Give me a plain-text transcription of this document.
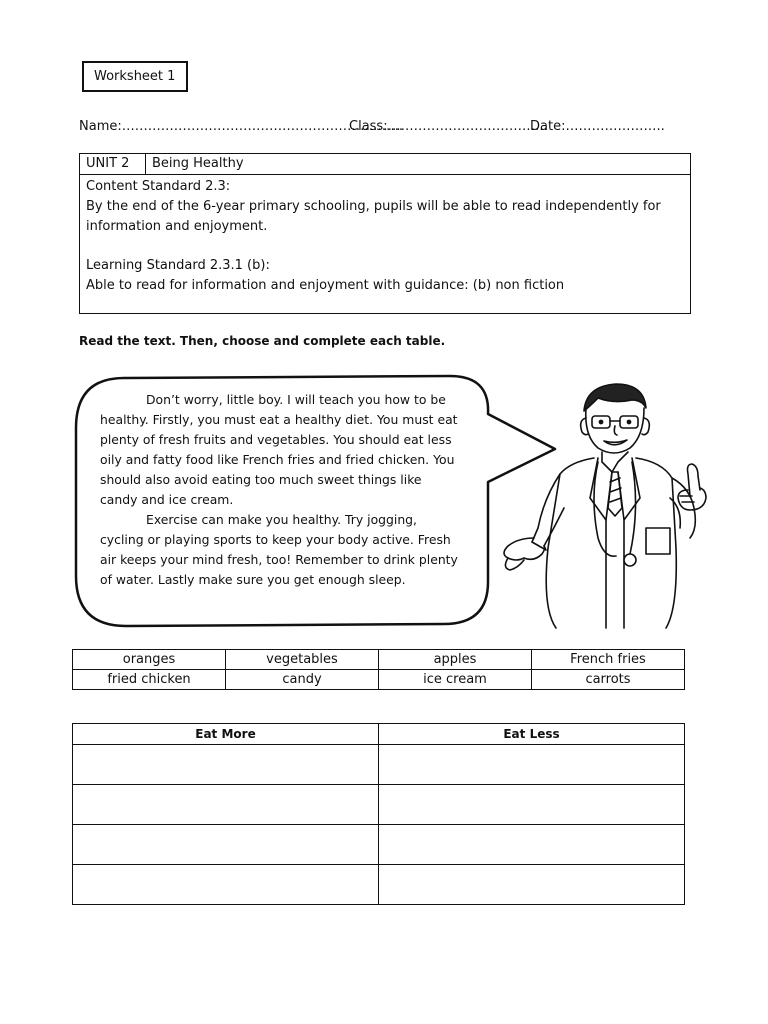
Worksheet 1
Name:………………………………………………………..
Class:……………………………….
Date:…………………..
UNIT 2	Being Healthy

Content Standard 2.3:

By the end of the 6-year primary schooling, pupils will be able to read independently for information and enjoyment.

Learning Standard 2.3.1 (b):

Able to read for information and enjoyment with guidance: (b) non fiction

Read the text. Then, choose and complete each table.

Don’t worry, little boy. I will teach you how to be healthy. Firstly, you must eat a healthy diet. You must eat plenty of fresh fruits and vegetables. You should eat less oily and fatty food like French fries and fried chicken. You should also avoid eating too much sweet things like candy and ice cream.

Exercise can make you healthy. Try jogging, cycling or playing sports to keep your body active. Fresh air keeps your mind fresh, too! Remember to drink plenty of water. Lastly make sure you get enough sleep.

oranges	vegetables	apples	French fries
fried chicken	candy	ice cream	carrots
Eat More	Eat Less
